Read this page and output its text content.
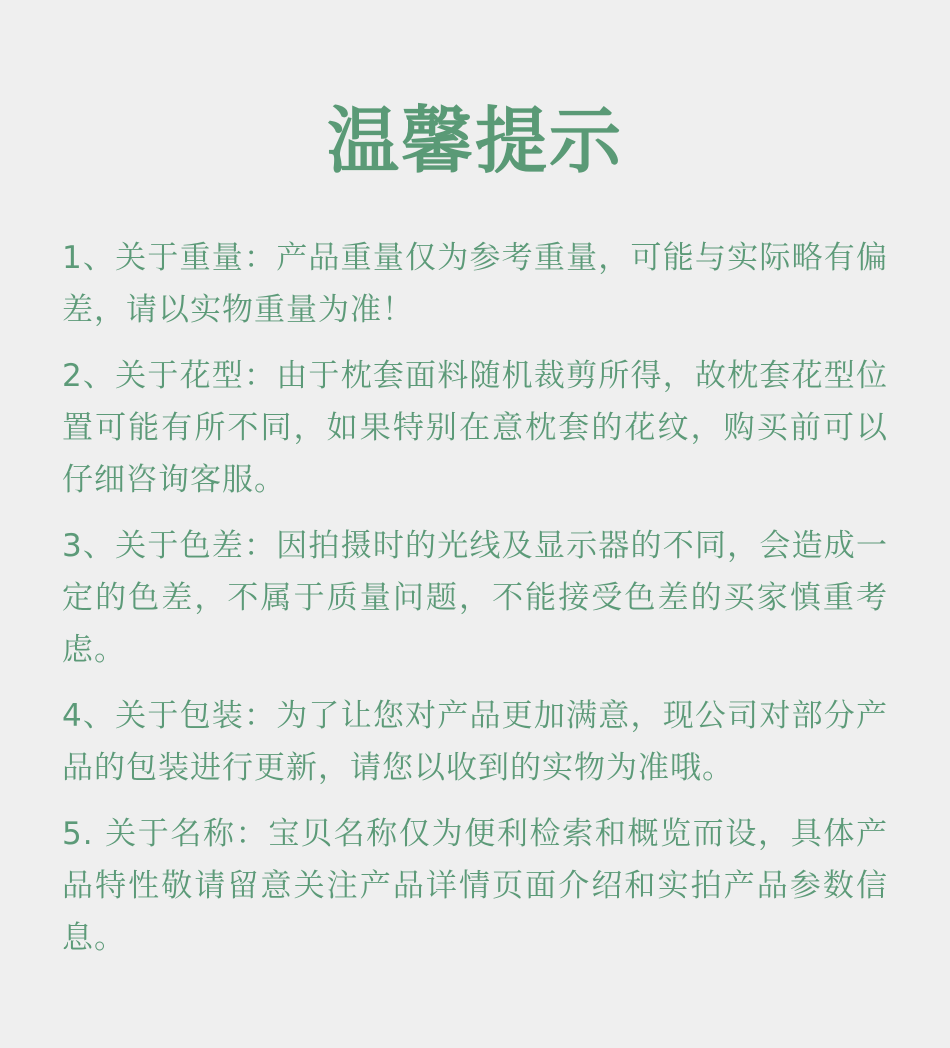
温馨提示

1、关于重量：产品重量仅为参考重量，可能与实际略有偏差，请以实物重量为准！

2、关于花型：由于枕套面料随机裁剪所得，故枕套花型位置可能有所不同，如果特别在意枕套的花纹，购买前可以仔细咨询客服。

3、关于色差：因拍摄时的光线及显示器的不同，会造成一定的色差，不属于质量问题，不能接受色差的买家慎重考虑。

4、关于包装：为了让您对产品更加满意，现公司对部分产品的包装进行更新，请您以收到的实物为准哦。

5. 关于名称：宝贝名称仅为便利检索和概览而设，具体产品特性敬请留意关注产品详情页面介绍和实拍产品参数信息。
